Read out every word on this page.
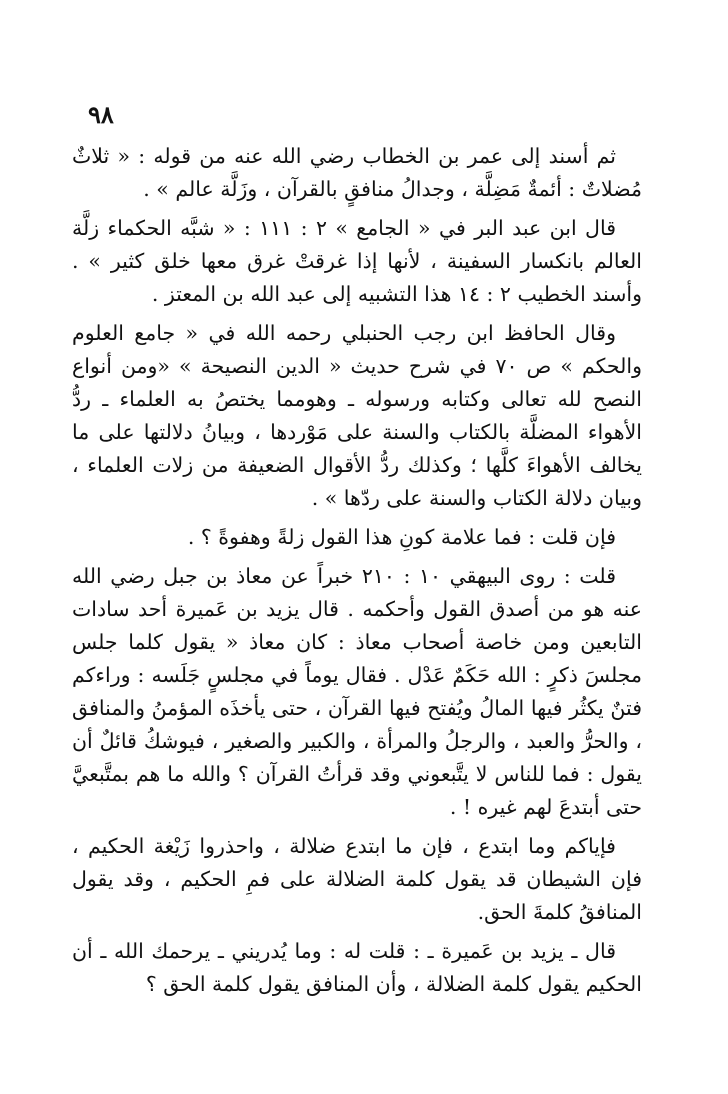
٩٨

ثم أسند إلى عمر بن الخطاب رضي الله عنه من قوله : « ثلاثٌ مُضلاتٌ : أئمةٌ مَضِلَّة ، وجدالُ منافقٍ بالقرآن ، وزَلَّة عالم » .

قال ابن عبد البر في « الجامع » ٢ : ١١١ : « شبَّه الحكماء زلَّة العالم بانكسار السفينة ، لأنها إذا غرقتْ غرق معها خلق كثير » . وأسند الخطيب ٢ : ١٤ هذا التشبيه إلى عبد الله بن المعتز .

وقال الحافظ ابن رجب الحنبلي رحمه الله في « جامع العلوم والحكم » ص ٧٠ في شرح حديث « الدين النصيحة » «ومن أنواع النصح لله تعالى وكتابه ورسوله ـ وهومما يختصُ به العلماء ـ ردُّ الأهواء المضلَّة بالكتاب والسنة على مَوْردها ، وبيانُ دلالتها على ما يخالف الأهواءَ كلَّها ؛ وكذلك ردُّ الأقوال الضعيفة من زلات العلماء ، وبيان دلالة الكتاب والسنة على ردّها » .

فإن قلت : فما علامة كونِ هذا القول زلةً وهفوةً ؟ .

قلت : روى البيهقي ١٠ : ٢١٠ خبراً عن معاذ بن جبل رضي الله عنه هو من أصدق القول وأحكمه . قال يزيد بن عَميرة أحد سادات التابعين ومن خاصة أصحاب معاذ : كان معاذ « يقول كلما جلس مجلسَ ذكرٍ : الله حَكَمٌ عَدْل . فقال يوماً في مجلسٍ جَلَسه : وراءكم فتنٌ يكثُر فيها المالُ ويُفتح فيها القرآن ، حتى يأخذَه المؤمنُ والمنافق ، والحرُّ والعبد ، والرجلُ والمرأة ، والكبير والصغير ، فيوشكُ قائلٌ أن يقول : فما للناس لا يتَّبعوني وقد قرأتُ القرآن ؟ والله ما هم بمتَّبعيَّ حتى أبتدعَ لهم غيره ! .

فإياكم وما ابتدع ، فإن ما ابتدع ضلالة ، واحذروا زَيْغة الحكيم ، فإن الشيطان قد يقول كلمة الضلالة على فمِ الحكيم ، وقد يقول المنافقُ كلمةَ الحق.

قال ـ يزيد بن عَميرة ـ : قلت له : وما يُدريني ـ يرحمك الله ـ أن الحكيم يقول كلمة الضلالة ، وأن المنافق يقول كلمة الحق ؟
